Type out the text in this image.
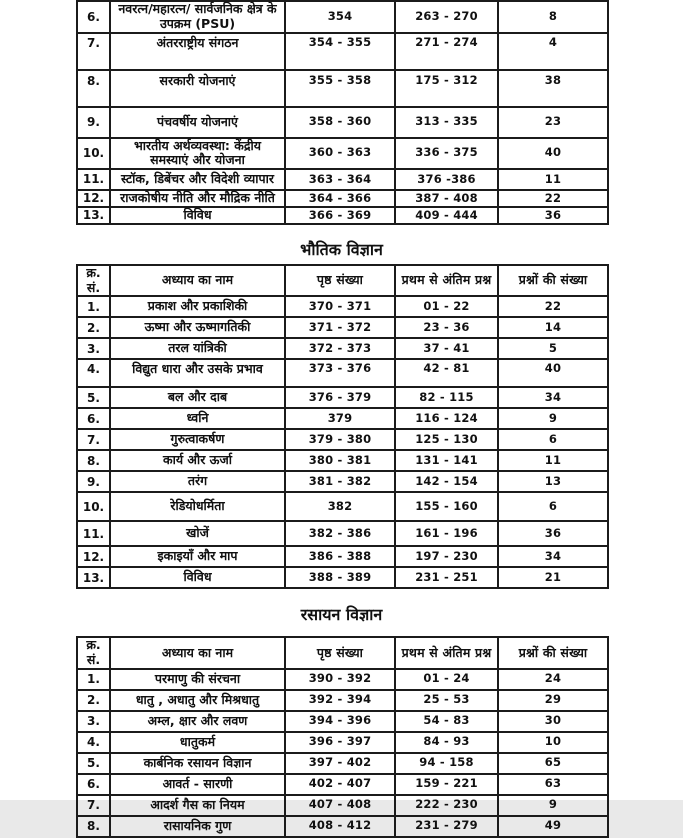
6.	नवरत्न/महारत्न/ सार्वजनिक क्षेत्र के उपक्रम (PSU)	354	263 - 270	8
7.	अंतरराष्ट्रीय संगठन	354 - 355	271 - 274	4
8.	सरकारी योजनाएं	355 - 358	175 - 312	38
9.	पंचवर्षीय योजनाएं	358 - 360	313 - 335	23
10.	भारतीय अर्थव्यवस्था: केंद्रीय समस्याएं और योजना	360 - 363	336 - 375	40
11.	स्टॉक, डिबेंचर और विदेशी व्यापार	363 - 364	376 -386	11
12.	राजकोषीय नीति और मौद्रिक नीति	364 - 366	387 - 408	22
13.	विविध	366 - 369	409 - 444	36
भौतिक विज्ञान
क्र. सं.	अध्याय का नाम	पृष्ठ संख्या	प्रथम से अंतिम प्रश्न	प्रश्नों की संख्या
1.	प्रकाश और प्रकाशिकी	370 - 371	01 - 22	22
2.	ऊष्मा और ऊष्मागतिकी	371 - 372	23 - 36	14
3.	तरल यांत्रिकी	372 - 373	37 - 41	5
4.	विद्युत धारा और उसके प्रभाव	373 - 376	42 - 81	40
5.	बल और दाब	376 - 379	82 - 115	34
6.	ध्वनि	379	116 - 124	9
7.	गुरुत्वाकर्षण	379 - 380	125 - 130	6
8.	कार्य और ऊर्जा	380 - 381	131 - 141	11
9.	तरंग	381 - 382	142 - 154	13
10.	रेडियोधर्मिता	382	155 - 160	6
11.	खोजें	382 - 386	161 - 196	36
12.	इकाइयाँ और माप	386 - 388	197 - 230	34
13.	विविध	388 - 389	231 - 251	21
रसायन विज्ञान
क्र. सं.	अध्याय का नाम	पृष्ठ संख्या	प्रथम से अंतिम प्रश्न	प्रश्नों की संख्या
1.	परमाणु की संरचना	390 - 392	01 - 24	24
2.	धातु , अधातु और मिश्रधातु	392 - 394	25 - 53	29
3.	अम्ल, क्षार और लवण	394 - 396	54 - 83	30
4.	धातुकर्म	396 - 397	84 - 93	10
5.	कार्बनिक रसायन विज्ञान	397 - 402	94 - 158	65
6.	आवर्त - सारणी	402 - 407	159 - 221	63
7.	आदर्श गैस का नियम	407 - 408	222 - 230	9
8.	रासायनिक गुण	408 - 412	231 - 279	49
